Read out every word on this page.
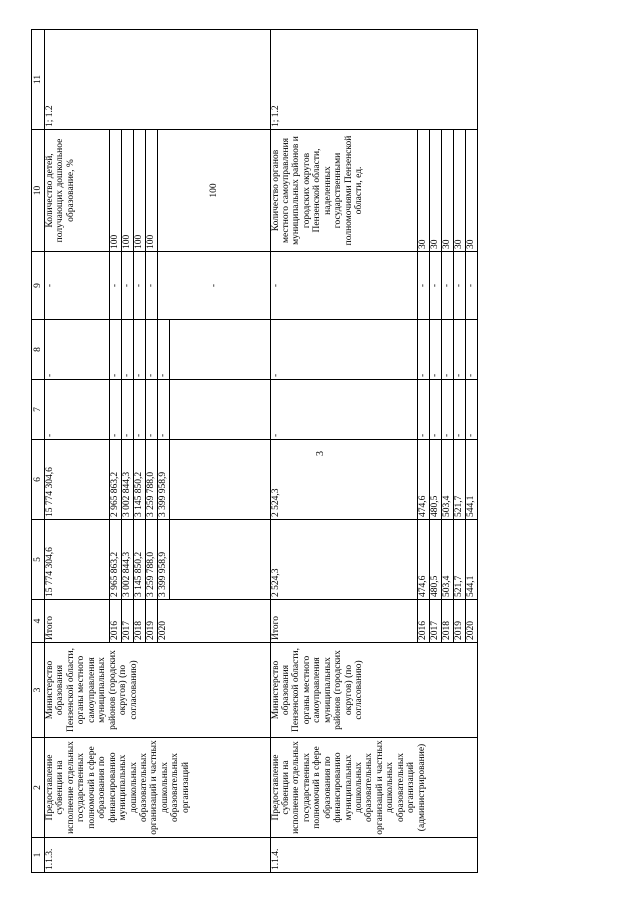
3
1	2	3	4	5	6	7	8	9	10	11
1.1.3.	Предоставление субвенции на исполнение отдельных государственных полномочий в сфере образования по финансированию муниципальных дошкольных образовательных организаций и частных дошкольных образовательных организаций	Министерство образования Пензенской области, органы местного самоуправления муниципальных районов (городских округов) (по согласованию)	Итого	15 774 304,6	15 774 304,6	-	-	-	Количество детей, получающих дошкольное образование, %	1; 1.2
			2016	2 965 863,2	2 965 863,2	-	-	-	100	
			2017	3 002 844,3	3 002 844,3	-	-	-	100	
			2018	3 145 850,2	3 145 850,2	-	-	-	100	
			2019	3 259 788,0	3 259 788,0	-	-	-	100	
			2020	3 399 958,9	3 399 958,9	-	-	-	100	

1.1.4.	Предоставление субвенции на исполнение отдельных государственных полномочий в сфере образования по финансированию муниципальных дошкольных образовательных организаций и частных дошкольных образовательных организаций (администрирование)	Министерство образования Пензенской области, органы местного самоуправления муниципальных районов (городских округов) (по согласованию)	Итого	2 524,3	2 524,3	-	-	-	Количество органов местного самоуправления муниципальных районов и городских округов Пензенской области, наделенных государственными полномочиями Пензенской области, ед.	1; 1.2
			2016	474,6	474,6	-	-	-	30	
			2017	480,5	480,5	-	-	-	30	
			2018	503,4	503,4	-	-	-	30	
			2019	521,7	521,7	-	-	-	30	
			2020	544,1	544,1	-	-	-	30	
